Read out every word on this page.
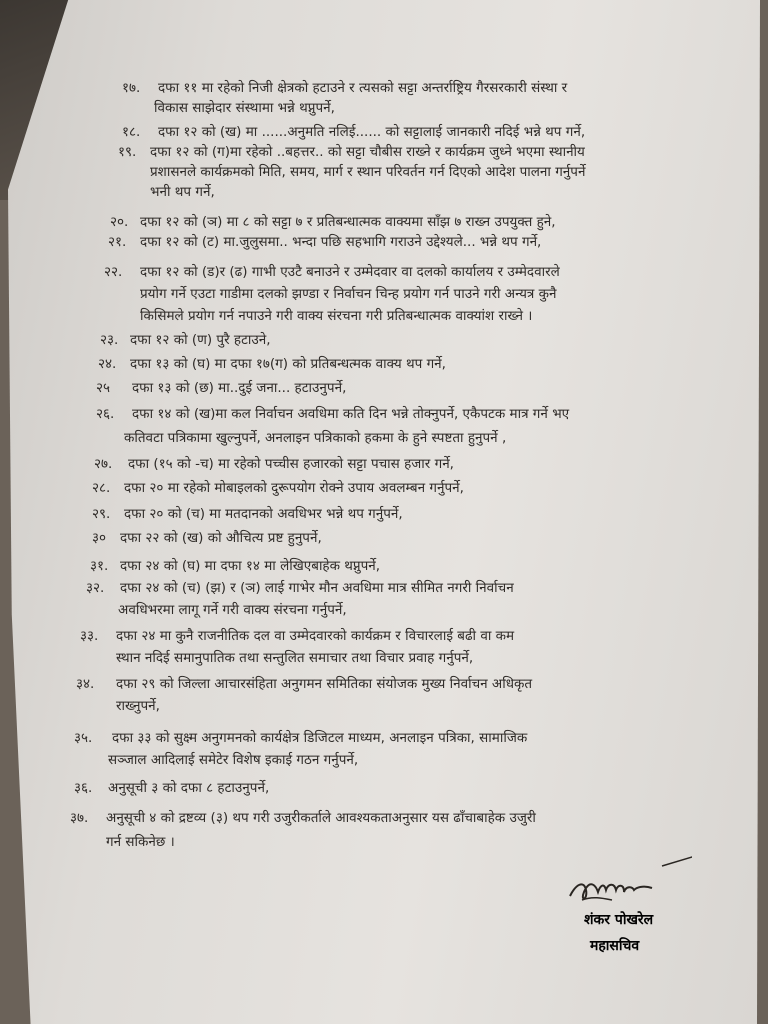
१७. दफा ११ मा रहेको निजी क्षेत्रको हटाउने र त्यसको सट्टा अन्तर्राष्ट्रिय गैरसरकारी संस्था र
विकास साझेदार संस्थामा भन्ने थप्नुपर्ने,
१८. दफा १२ को (ख) मा ......अनुमति नलिई...... को सट्टालाई जानकारी नदिई भन्ने थप गर्ने,
१९. दफा १२ को (ग)मा रहेको ..बहत्तर.. को सट्टा चौबीस राख्ने र कार्यक्रम जुध्ने भएमा स्थानीय
प्रशासनले कार्यक्रमको मिति, समय, मार्ग र स्थान परिवर्तन गर्न दिएको आदेश पालना गर्नुपर्ने
भनी थप गर्ने,
२०. दफा १२ को (ञ) मा ८ को सट्टा ७ र प्रतिबन्धात्मक वाक्यमा साँझ ७ राख्न उपयुक्त हुने,
२१. दफा १२ को (ट) मा.जुलुसमा.. भन्दा पछि सहभागि गराउने उद्देश्यले... भन्ने थप गर्ने,
२२. दफा १२ को (ड)र (ढ) गाभी एउटै बनाउने र उम्मेदवार वा दलको कार्यालय र उम्मेदवारले
प्रयोग गर्ने एउटा गाडीमा दलको झण्डा र निर्वाचन चिन्ह प्रयोग गर्न पाउने गरी अन्यत्र कुनै
किसिमले प्रयोग गर्न नपाउने गरी वाक्य संरचना गरी प्रतिबन्धात्मक वाक्यांश राख्ने ।
२३. दफा १२ को (ण) पुरै हटाउने,
२४. दफा १३ को (घ) मा दफा १७(ग) को प्रतिबन्धत्मक वाक्य थप गर्ने,
२५ दफा १३ को (छ) मा..दुई जना... हटाउनुपर्ने,
२६. दफा १४ को (ख)मा कल निर्वाचन अवधिमा कति दिन भन्ने तोक्नुपर्ने, एकैपटक मात्र गर्ने भए
कतिवटा पत्रिकामा खुल्नुपर्ने, अनलाइन पत्रिकाको हकमा के हुने स्पष्टता हुनुपर्ने ,
२७. दफा (१५ को -च) मा रहेको पच्चीस हजारको सट्टा पचास हजार गर्ने,
२८. दफा २० मा रहेको मोबाइलको दुरूपयोग रोक्ने उपाय अवलम्बन गर्नुपर्ने,
२९. दफा २० को (च) मा मतदानको अवधिभर भन्ने थप गर्नुपर्ने,
३० दफा २२ को (ख) को औचित्य प्रष्ट हुनुपर्ने,
३१. दफा २४ को (घ) मा दफा १४ मा लेखिएबाहेक थप्नुपर्ने,
३२. दफा २४ को (च) (झ) र (ञ) लाई गाभेर मौन अवधिमा मात्र सीमित नगरी निर्वाचन
अवधिभरमा लागू गर्ने गरी वाक्य संरचना गर्नुपर्ने,
३३. दफा २४ मा कुनै राजनीतिक दल वा उम्मेदवारको कार्यक्रम र विचारलाई बढी वा कम
स्थान नदिई समानुपातिक तथा सन्तुलित समाचार तथा विचार प्रवाह गर्नुपर्ने,
३४. दफा २९ को जिल्ला आचारसंहिता अनुगमन समितिका संयोजक मुख्य निर्वाचन अधिकृत
राख्नुपर्ने,
३५. दफा ३३ को सुक्ष्म अनुगमनको कार्यक्षेत्र डिजिटल माध्यम, अनलाइन पत्रिका, सामाजिक
सञ्जाल आदिलाई समेटेर विशेष इकाई गठन गर्नुपर्ने,
३६. अनुसूची ३ को दफा ८ हटाउनुपर्ने,
३७. अनुसूची ४ को द्रष्टव्य (३) थप गरी उजुरीकर्ताले आवश्यकताअनुसार यस ढाँचाबाहेक उजुरी
गर्न सकिनेछ ।
शंकर पोखरेल
महासचिव
